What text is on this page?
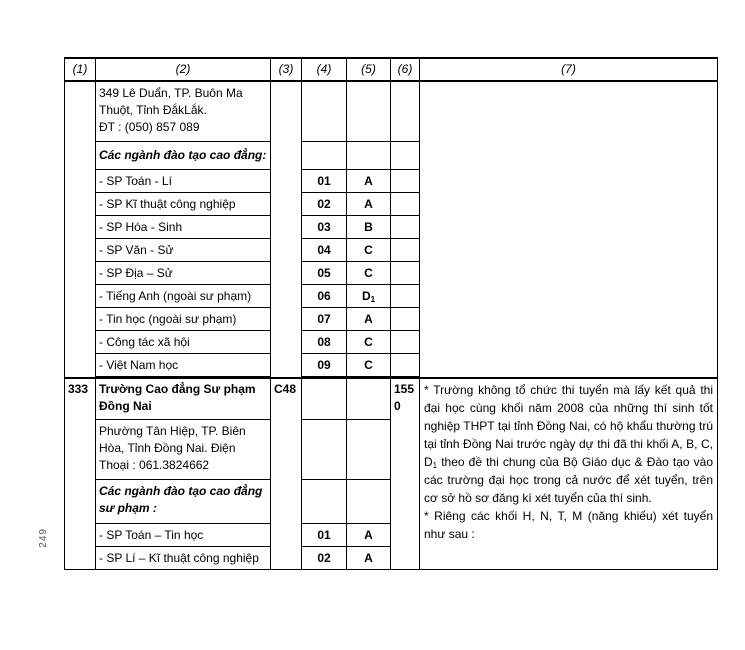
(1)	(2)	(3)	(4)	(5)	(6)	(7)

	349 Lê Duẩn, TP. Buôn Ma Thuột, Tỉnh ĐắkLắk.
ĐT : (050) 857 089					

	Các ngành đào tạo cao đẳng:					
	- SP Toán - Lí		01	A		
	- SP Kĩ thuật công nghiệp		02	A		
	- SP Hóa - Sinh		03	B		
	- SP Văn - Sử		04	C		
	- SP Địa – Sử		05	C		
	- Tiếng Anh (ngoài sư phạm)		06	$D_1$	
	- Tin học (ngoài sư phạm)		07	A		
	- Công tác xã hội		08	C		
	- Việt Nam học		09	C		

333	Trường Cao đẳng Sư phạm Đồng Nai	C48			155 0	* Trường không tổ chức thi tuyển mà lấy kết quả thi đại học cùng khối năm 2008 của những thí sinh tốt nghiệp THPT tại tỉnh Đồng Nai, có hộ khẩu thường trú tại tỉnh Đồng Nai trước ngày dự thi đã thi khối A, B, C, $D_1$ theo đề thi chung của Bộ Giáo dục & Đào tạo vào các trường đại học trong cả nước để xét tuyển, trên cơ sở hồ sơ đăng kí xét tuyển của thí sinh.

* Riêng các khối H, N, T, M (năng khiếu) xét tuyển như sau :

	Phường Tân Hiệp, TP. Biên Hòa, Tỉnh Đồng Nai. Điện Thoại : 061.3824662					
	Các ngành đào tạo cao đẳng sư phạm :					
	- SP Toán – Tin học		01	A		
	- SP Lí – Kĩ thuật công nghiệp		02	A		
249
